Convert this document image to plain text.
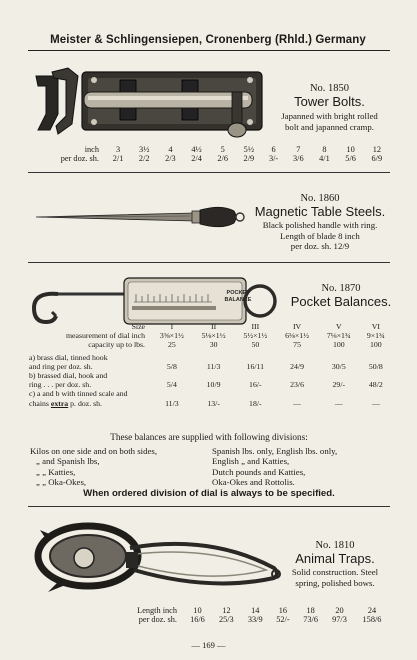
Meister & Schlingensiepen, Cronenberg (Rhld.) Germany
No. 1850
Tower Bolts.
Japanned with bright rolled
bolt and japanned cramp.
inch	3	3½	4	4½	5	5½	6	7	8	10	12
per doz. sh.	2/1	2/2	2/3	2/4	2/6	2/9	3/-	3/6	4/1	5/6	6/9
No. 1860
Magnetic Table Steels.
Black polished handle with ring.
Length of blade 8 inch
per doz. sh. 12/9
POCKET
BALANCE
No. 1870
Pocket Balances.
Size	I	II	III	IV	V	VI
measurement of dial inch	3⅝×1½	5⅛×1½	5½×1½	6⅛×1½	7⅛×1¾	9×1¾
capacity up to lbs.	25	30	50	75	100	100

a) brass dial, tinned hook
and ring per doz. sh.	5/8	11/3	16/11	24/9	30/5	50/8

b) brassed dial, hook and
ring . . . per doz. sh.	5/4	10/9	16/-	23/6	29/-	48/2

c) a and b with tinned scale and
chains extra p. doz. sh.	11/3	13/-	18/-	—	—	—
These balances are supplied with following divisions:
Kilos on one side and on both sides,
„ and Spanish lbs,
„ „ Katties,
„ „ Oka-Okes,
Spanish lbs. only, English lbs. only,
English „ and Katties,
Dutch pounds and Katties,
Oka-Okes and Rottolis.
When ordered division of dial is always to be specified.
No. 1810
Animal Traps.
Solid construction. Steel
spring, polished bows.
Length inch	10	12	14	16	18	20	24
per doz. sh.	16/6	25/3	33/9	52/-	73/6	97/3	158/6
— 169 —
